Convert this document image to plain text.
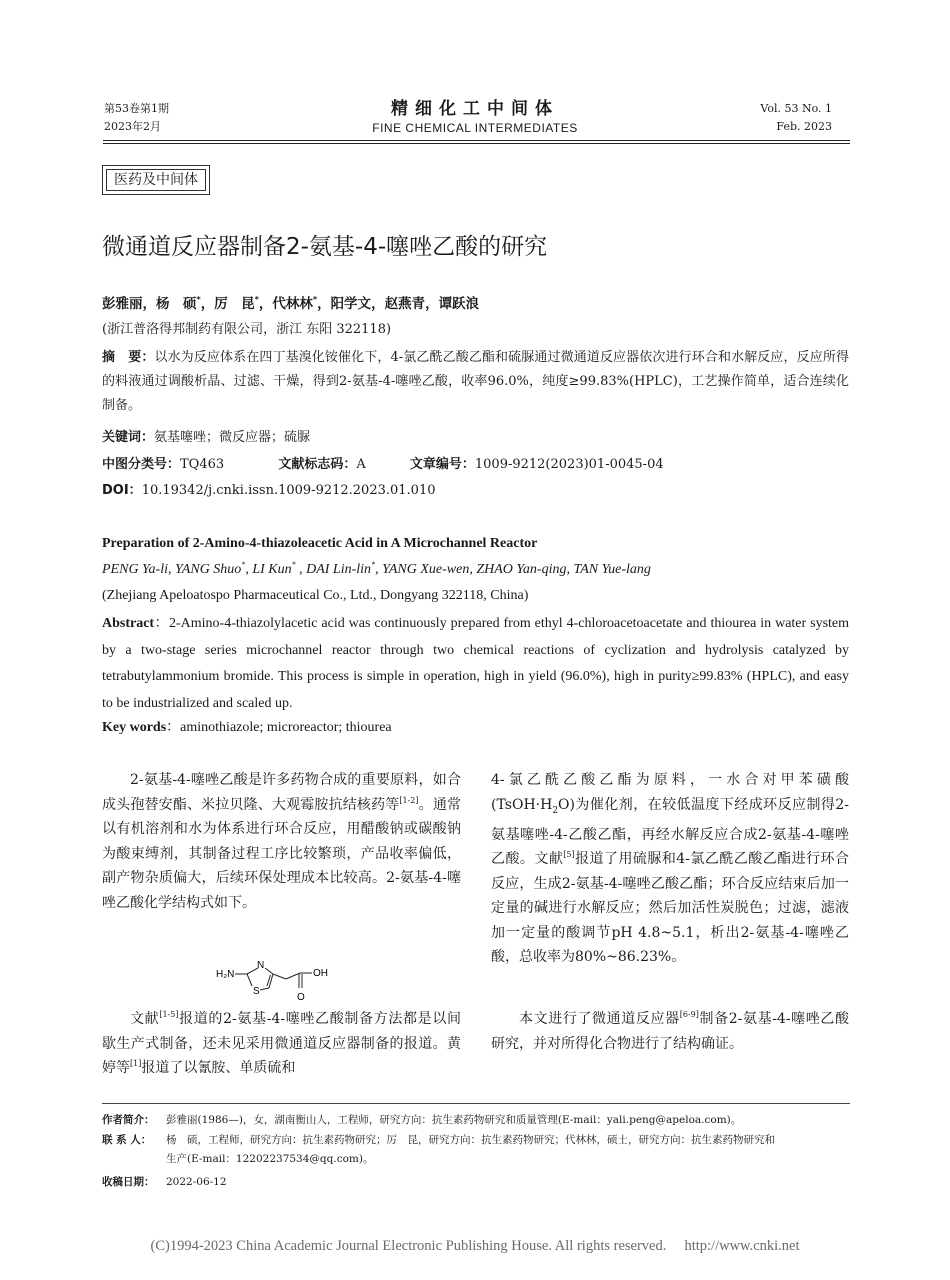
第53卷第1期
2023年2月
精细化工中间体
FINE CHEMICAL INTERMEDIATES
Vol. 53 No. 1
Feb. 2023
医药及中间体
微通道反应器制备2-氨基-4-噻唑乙酸的研究
彭雅丽，杨　硕*，厉　昆*，代林林*，阳学文，赵燕青，谭跃浪
(浙江普洛得邦制药有限公司，浙江 东阳 322118)
摘　要：以水为反应体系在四丁基溴化铵催化下，4-氯乙酰乙酸乙酯和硫脲通过微通道反应器依次进行环合和水解反应，反应所得的料液通过调酸析晶、过滤、干燥，得到2-氨基-4-噻唑乙酸，收率96.0%，纯度≥99.83%(HPLC)，工艺操作简单，适合连续化制备。
关键词：氨基噻唑；微反应器；硫脲
中图分类号：TQ463	文献标志码：A	文章编号：1009-9212(2023)01-0045-04
DOI：10.19342/j.cnki.issn.1009-9212.2023.01.010
Preparation of 2-Amino-4-thiazoleacetic Acid in A Microchannel Reactor
PENG Ya-li, YANG Shuo*, LI Kun* , DAI Lin-lin*, YANG Xue-wen, ZHAO Yan-qing, TAN Yue-lang
(Zhejiang Apeloatospo Pharmaceutical Co., Ltd., Dongyang 322118, China)
Abstract：2-Amino-4-thiazolylacetic acid was continuously prepared from ethyl 4-chloroacetoacetate and thiourea in water system by a two-stage series microchannel reactor through two chemical reactions of cyclization and hydrolysis catalyzed by tetrabutylammonium bromide. This process is simple in operation, high in yield (96.0%), high in purity≥99.83% (HPLC), and easy to be industrialized and scaled up.
Key words：aminothiazole; microreactor; thiourea

2-氨基-4-噻唑乙酸是许多药物合成的重要原料，如合成头孢替安酯、米拉贝隆、大观霉胺抗结核药等[1-2]。通常以有机溶剂和水为体系进行环合反应，用醋酸钠或碳酸钠为酸束缚剂，其制备过程工序比较繁琐，产品收率偏低，副产物杂质偏大，后续环保处理成本比较高。2-氨基-4-噻唑乙酸化学结构式如下。

H₂N
N
S
OH
O

文献[1-5]报道的2-氨基-4-噻唑乙酸制备方法都是以间歇生产式制备，还未见采用微通道反应器制备的报道。黄婷等[1]报道了以氰胺、单质硫和

4-氯乙酰乙酸乙酯为原料，一水合对甲苯磺酸$(TsOH\cdot H_2O)$为催化剂，在较低温度下经成环反应制得2-氨基噻唑-4-乙酸乙酯，再经水解反应合成2-氨基-4-噻唑乙酸。文献[5]报道了用硫脲和4-氯乙酰乙酸乙酯进行环合反应，生成2-氨基-4-噻唑乙酸乙酯；环合反应结束后加一定量的碱进行水解反应；然后加活性炭脱色；过滤，滤液加一定量的酸调节pH 4.8~5.1，析出2-氨基-4-噻唑乙酸，总收率为80%~86.23%。

本文进行了微通道反应器[6-9]制备2-氨基-4-噻唑乙酸研究，并对所得化合物进行了结构确证。

作者简介： 彭雅丽(1986—)，女，湖南衡山人，工程师，研究方向：抗生素药物研究和质量管理(E-mail：yali.peng@apeloa.com)。
联 系 人： 杨　硕，工程师，研究方向：抗生素药物研究；厉　昆，研究方向：抗生素药物研究；代林林，硕士，研究方向：抗生素药物研究和
生产(E-mail：12202237534@qq.com)。
收稿日期： 2022-06-12
(C)1994-2023 China Academic Journal Electronic Publishing House. All rights reserved.　 http://www.cnki.net
